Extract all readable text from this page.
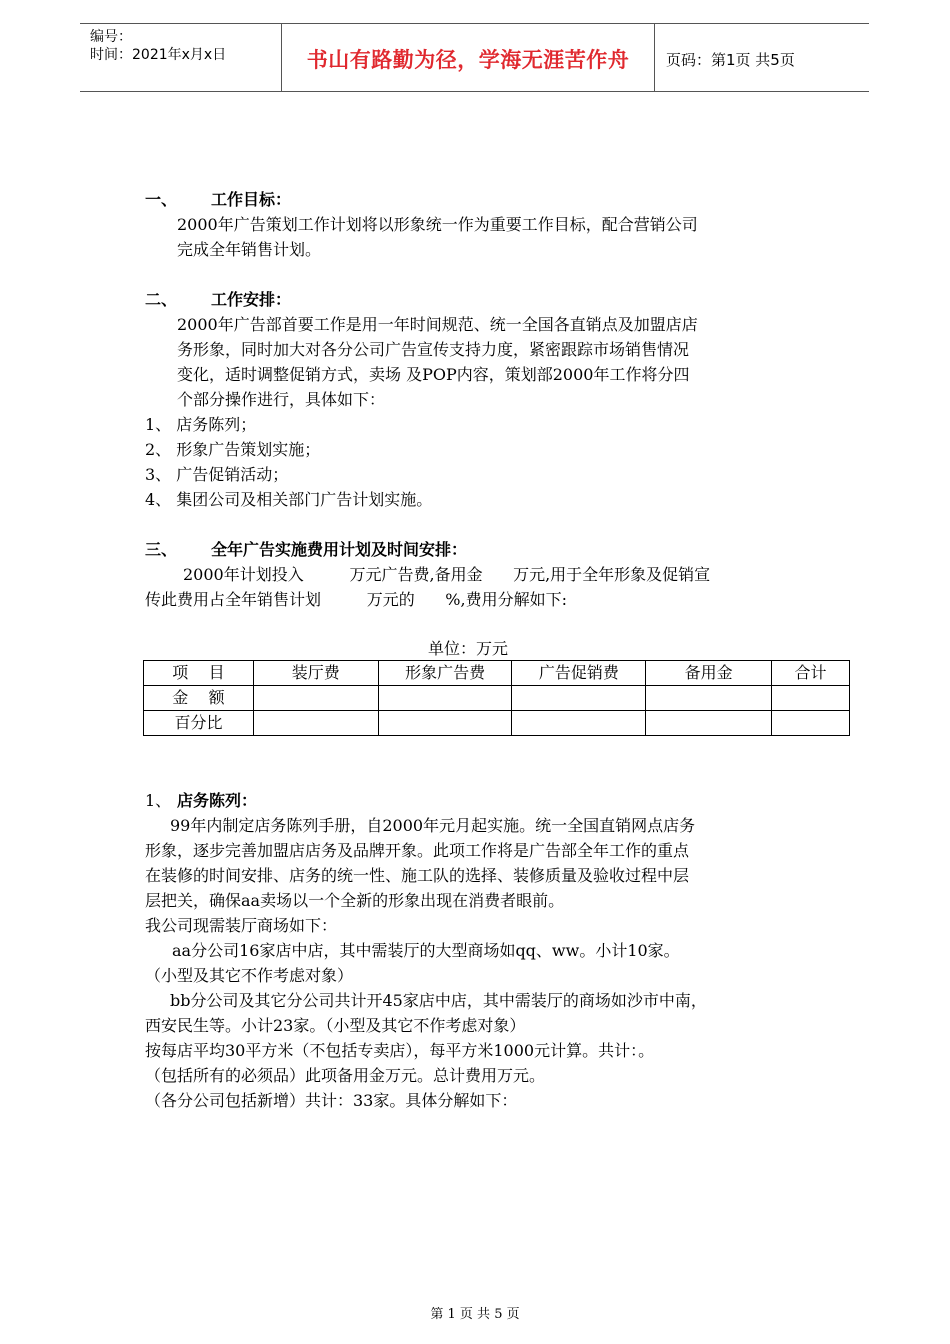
编号：
时间：2021年x月x日	书山有路勤为径，学海无涯苦作舟	页码：第1页 共5页
一、 工作目标：
2000年广告策划工作计划将以形象统一作为重要工作目标，配合营销公司
完成全年销售计划。
二、 工作安排：
2000年广告部首要工作是用一年时间规范、统一全国各直销点及加盟店店
务形象，同时加大对各分公司广告宣传支持力度，紧密跟踪市场销售情况
变化，适时调整促销方式，卖场 及POP内容，策划部2000年工作将分四
个部分操作进行，具体如下：
1、 店务陈列；
2、 形象广告策划实施；
3、 广告促销活动；
4、 集团公司及相关部门广告计划实施。
三、 全年广告实施费用计划及时间安排：
2000年计划投入         万元广告费,备用金      万元,用于全年形象及促销宣
传此费用占全年销售计划         万元的      %,费用分解如下:
单位：万元
项    目	装厅费	形象广告费	广告促销费	备用金	合计
金    额					
百分比					
1、 店务陈列：
99年内制定店务陈列手册，自2000年元月起实施。统一全国直销网点店务
形象，逐步完善加盟店店务及品牌开象。此项工作将是广告部全年工作的重点
在装修的时间安排、店务的统一性、施工队的选择、装修质量及验收过程中层
层把关，确保aa卖场以一个全新的形象出现在消费者眼前。
我公司现需装厅商场如下：
aa分公司16家店中店，其中需装厅的大型商场如qq、ww。小计10家。
（小型及其它不作考虑对象）
bb分公司及其它分公司共计开45家店中店，其中需装厅的商场如沙市中南，
西安民生等。小计23家。（小型及其它不作考虑对象）
按每店平均30平方米（不包括专卖店），每平方米1000元计算。共计：。
（包括所有的必须品）此项备用金万元。总计费用万元。
（各分公司包括新增）共计：33家。具体分解如下：
第 1 页 共 5 页
